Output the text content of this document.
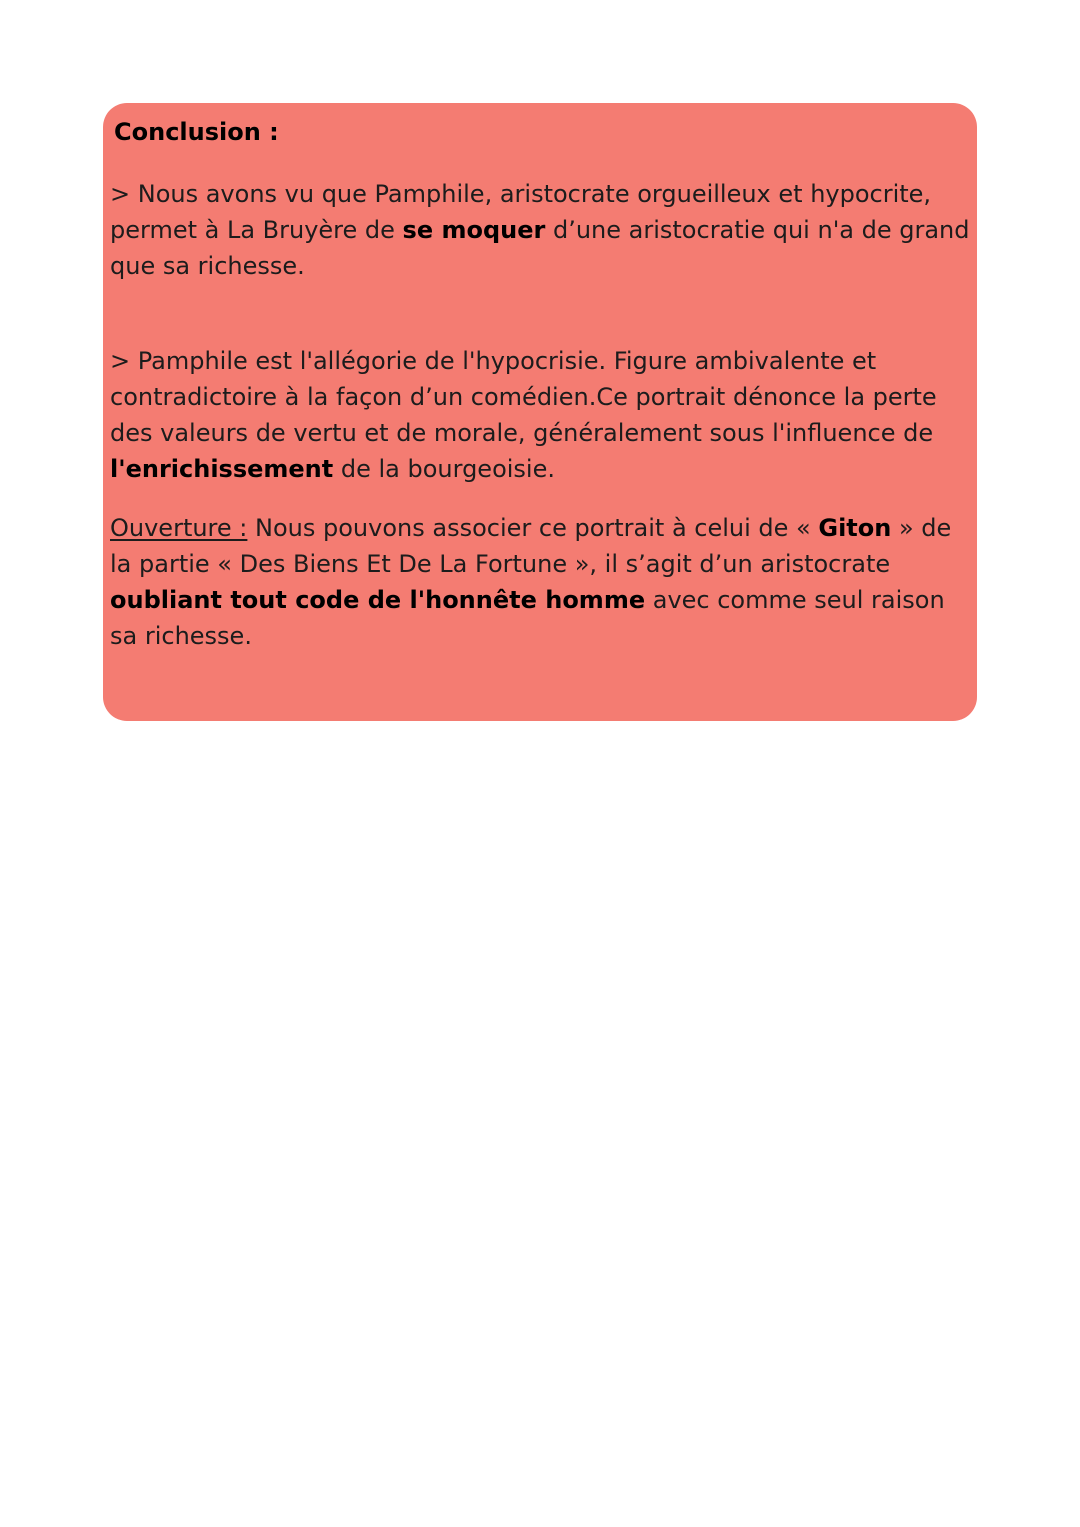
Conclusion :

> Nous avons vu que Pamphile, aristocrate orgueilleux et hypocrite, permet à La Bruyère de se moquer d’une aristocratie qui n'a de grand que sa richesse.

> Pamphile est l'allégorie de l'hypocrisie. Figure ambivalente et contradictoire à la façon d’un comédien.Ce portrait dénonce la perte des valeurs de vertu et de morale, généralement sous l'influence de l'enrichissement de la bourgeoisie.

Ouverture : Nous pouvons associer ce portrait à celui de « Giton » de la partie « Des Biens Et De La Fortune », il s’agit d’un aristocrate oubliant tout code de l'honnête homme avec comme seul raison sa richesse.
